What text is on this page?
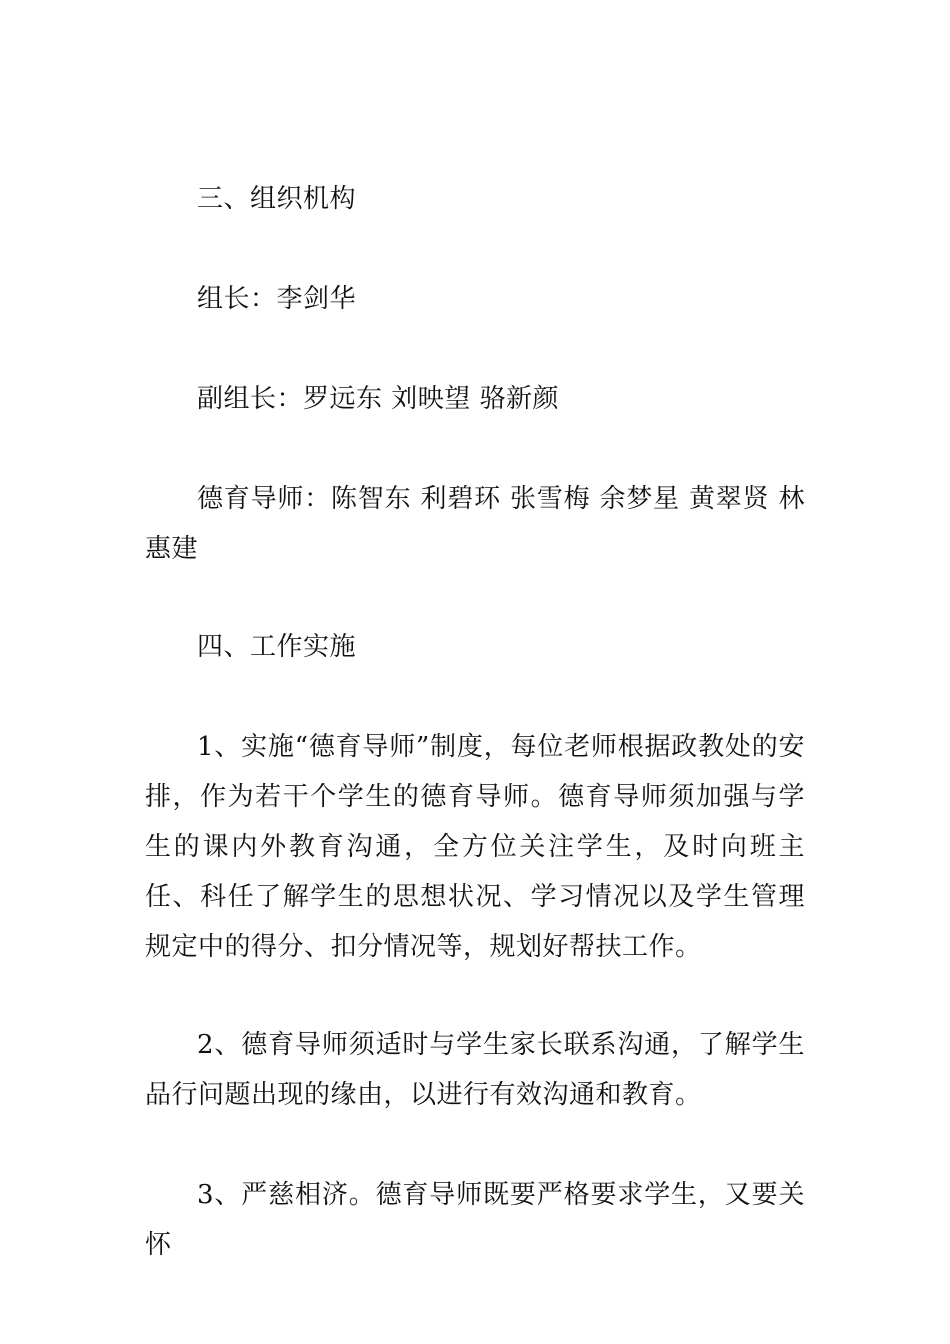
三、组织机构

组长：李剑华

副组长：罗远东 刘映望 骆新颜

德育导师：陈智东 利碧环 张雪梅 余梦星 黄翠贤 林惠建

四、工作实施

1、实施“德育导师”制度，每位老师根据政教处的安排，作为若干个学生的德育导师。德育导师须加强与学生的课内外教育沟通，全方位关注学生，及时向班主任、科任了解学生的思想状况、学习情况以及学生管理规定中的得分、扣分情况等，规划好帮扶工作。

2、德育导师须适时与学生家长联系沟通，了解学生品行问题出现的缘由，以进行有效沟通和教育。

3、严慈相济。德育导师既要严格要求学生，又要关怀
